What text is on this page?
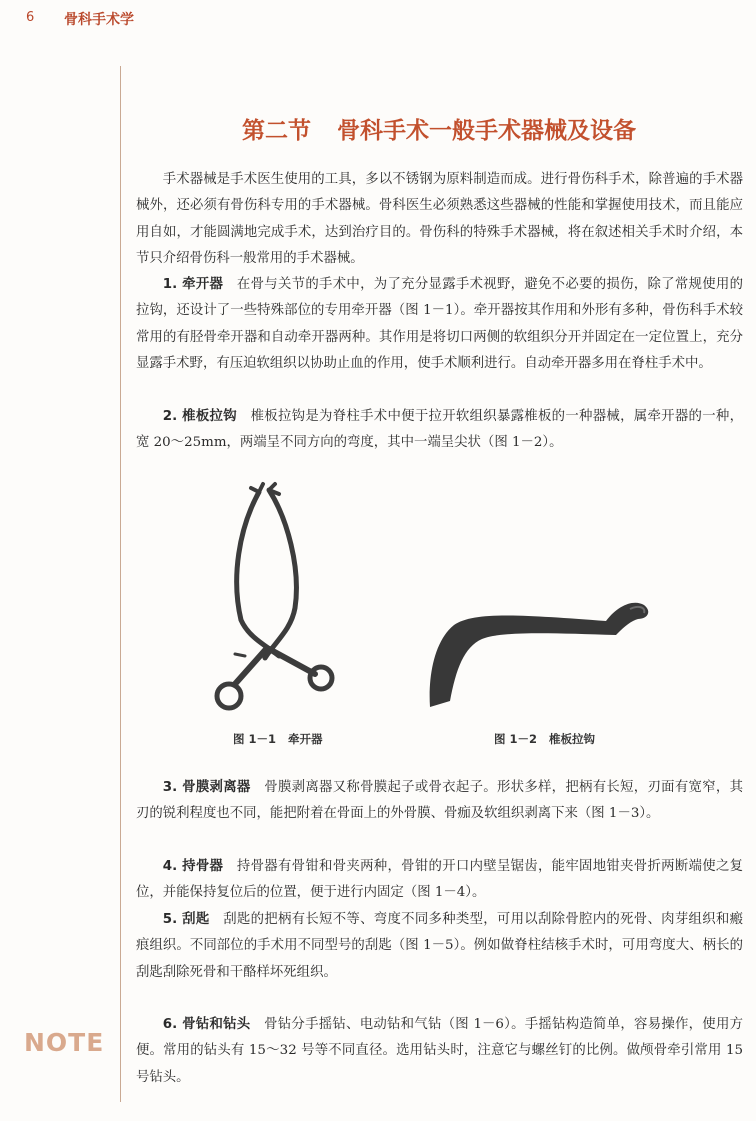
6 骨科手术学
NOTE
第二节 骨科手术一般手术器械及设备

手术器械是手术医生使用的工具，多以不锈钢为原料制造而成。进行骨伤科手术，除普遍的手术器械外，还必须有骨伤科专用的手术器械。骨科医生必须熟悉这些器械的性能和掌握使用技术，而且能应用自如，才能圆满地完成手术，达到治疗目的。骨伤科的特殊手术器械，将在叙述相关手术时介绍，本节只介绍骨伤科一般常用的手术器械。

1. 牵开器　 在骨与关节的手术中，为了充分显露手术视野，避免不必要的损伤，除了常规使用的拉钩，还设计了一些特殊部位的专用牵开器（图 1－1）。牵开器按其作用和外形有多种，骨伤科手术较常用的有胫骨牵开器和自动牵开器两种。其作用是将切口两侧的软组织分开并固定在一定位置上，充分显露手术野，有压迫软组织以协助止血的作用，使手术顺利进行。自动牵开器多用在脊柱手术中。

2. 椎板拉钩　 椎板拉钩是为脊柱手术中便于拉开软组织暴露椎板的一种器械，属牵开器的一种，宽 20～25mm，两端呈不同方向的弯度，其中一端呈尖状（图 1－2）。

图 1－1 牵开器	图 1－2 椎板拉钩

3. 骨膜剥离器　 骨膜剥离器又称骨膜起子或骨衣起子。形状多样，把柄有长短，刃面有宽窄，其刃的锐利程度也不同，能把附着在骨面上的外骨膜、骨痂及软组织剥离下来（图 1－3）。

4. 持骨器　 持骨器有骨钳和骨夹两种，骨钳的开口内壁呈锯齿，能牢固地钳夹骨折两断端使之复位，并能保持复位后的位置，便于进行内固定（图 1－4）。

5. 刮匙　 刮匙的把柄有长短不等、弯度不同多种类型，可用以刮除骨腔内的死骨、肉芽组织和瘢痕组织。不同部位的手术用不同型号的刮匙（图 1－5）。例如做脊柱结核手术时，可用弯度大、柄长的刮匙刮除死骨和干酪样坏死组织。

6. 骨钻和钻头　 骨钻分手摇钻、电动钻和气钻（图 1－6）。手摇钻构造简单，容易操作，使用方便。常用的钻头有 15～32 号等不同直径。选用钻头时，注意它与螺丝钉的比例。做颅骨牵引常用 15 号钻头。
